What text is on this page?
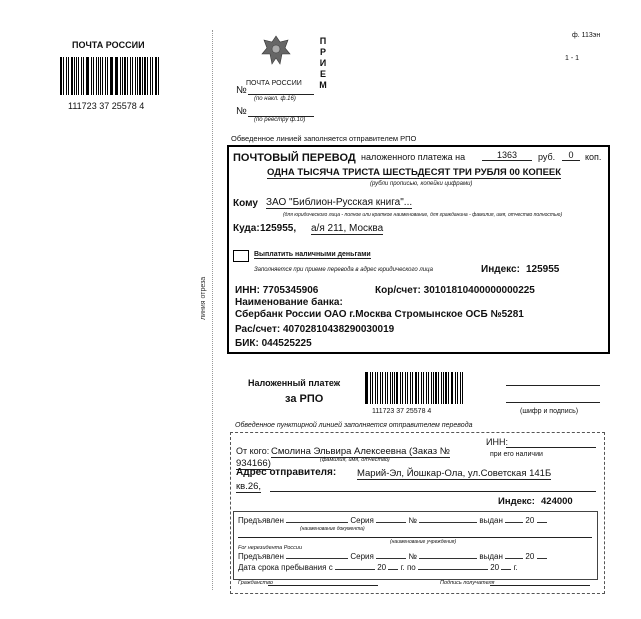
ПОЧТА РОССИИ
111723 37 25578 4
линия отреза
ф. 113эн
1 - 1
П
Р
И
Е
М
ПОЧТА РОССИИ
№
(по накл. ф.16)
№
(по реестру ф.10)
Обведенное линией заполняется отправителем РПО
ПОЧТОВЫЙ ПЕРЕВОД наложенного платежа на	1363	руб.	0	коп.
ОДНА ТЫСЯЧА ТРИСТА ШЕСТЬДЕСЯТ ТРИ РУБЛЯ 00 КОПЕЕК
(рубли прописью, копейки цифрами)
Кому ЗАО "Библион-Русская книга"...
(для юридического лица - полное или краткое наименование, для гражданина - фамилия, имя, отчество полностью)
Куда: 125955, а/я 211, Москва
Выплатить наличными деньгами
Заполняется при приеме перевода в адрес юридического лица	Индекс: 125955
ИНН: 7705345906	Кор/счет: 30101810400000000225
Наименование банка:
Сбербанк России ОАО г.Москва Стромынское ОСБ №5281
Рас/счет: 40702810438290030019
БИК: 044525225
Наложенный платеж
за РПО
111723 37 25578 4	(шифр и подпись)
Обведенное пунктирной линией заполняется отправителем перевода
От кого: Смолина Эльвира Алексеевна (Заказ №
934166)	(фамилия, имя, отчество)
ИНН:
при его наличии
Адрес отправителя: Марий-Эл, Йошкар-Ола, ул.Советская 141Б
кв.26,
Индекс: 424000
Предъявлен	Серия	№	выдан	20
(наименование документа)
(наименование учреждения)
For нерезидента России
Предъявлен	Серия	№	выдан	20
Дата срока пребывания с	20 г. по	20 г.
Гражданство	Подпись получателя
